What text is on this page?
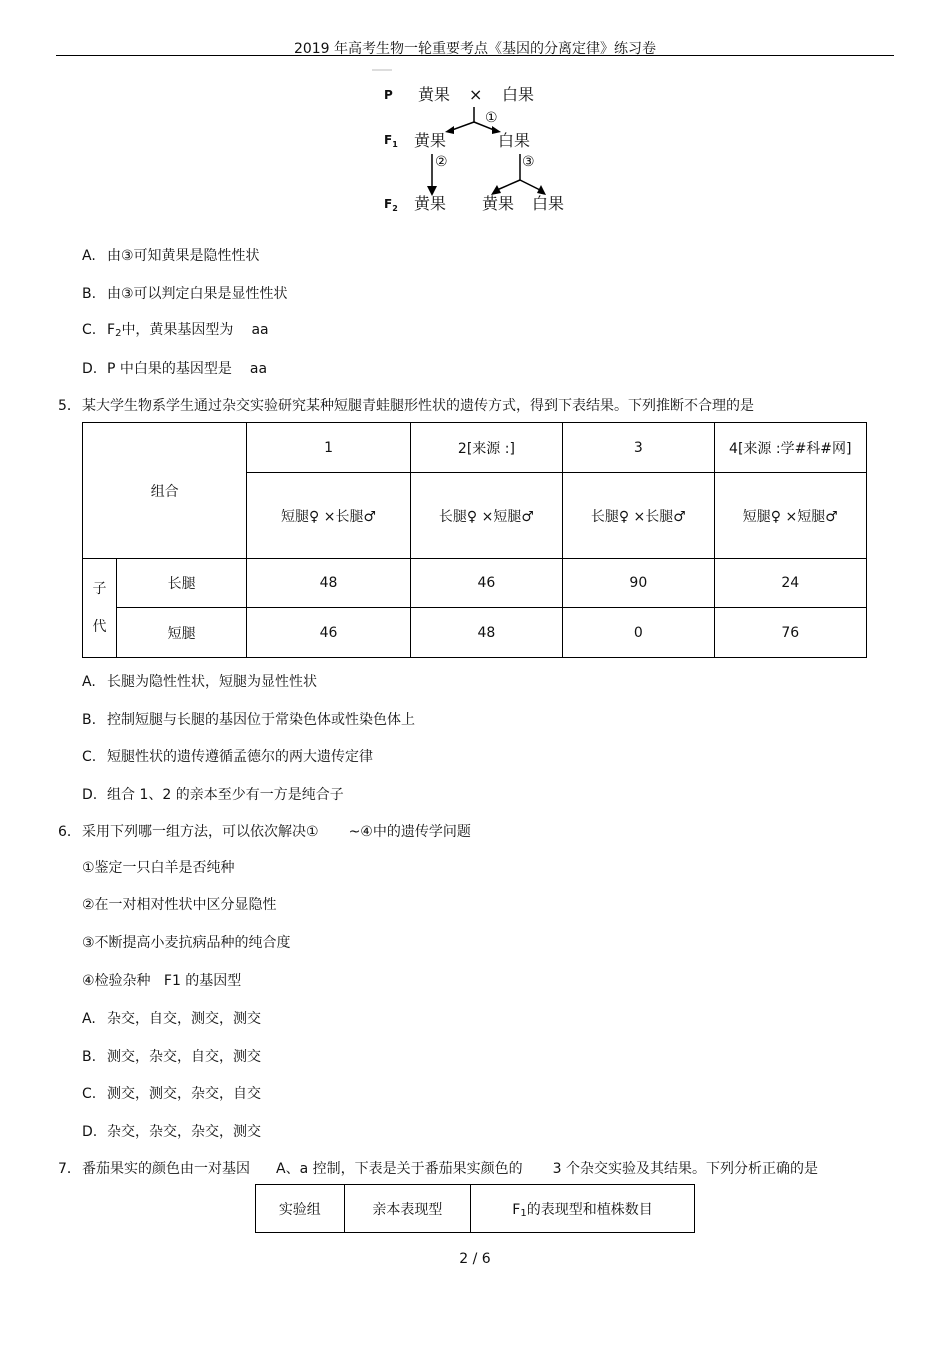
2019 年高考生物一轮重要考点《基因的分离定律》练习卷
P
$F_1$
$F_2$
黄果 × 白果
①
黄果	白果
②	③
黄果 黄果 白果
A. 由③可知黄果是隐性性状
B. 由③可以判定白果是显性性状
C. $F_2$中，黄果基因型为 aa
D. P 中白果的基因型是 aa
5．某大学生物系学生通过杂交实验研究某种短腿青蛙腿形性状的遗传方式，得到下表结果。下列推断不合理的是
组合		1	2[来源 :]	3	4[来源 :学#科#网]
		短腿♀ ×长腿♂	长腿♀ ×短腿♂	长腿♀ ×长腿♂	短腿♀ ×短腿♂
子
代	长腿	48	46	90	24
	短腿	46	48	0	76
A. 长腿为隐性性状，短腿为显性性状
B. 控制短腿与长腿的基因位于常染色体或性染色体上
C. 短腿性状的遗传遵循孟德尔的两大遗传定律
D. 组合 1、2 的亲本至少有一方是纯合子
6．采用下列哪一组方法，可以依次解决① ~④中的遗传学问题
①鉴定一只白羊是否纯种
②在一对相对性状中区分显隐性
③不断提高小麦抗病品种的纯合度
④检验杂种   F1 的基因型
A. 杂交，自交，测交，测交
B. 测交，杂交，自交，测交
C. 测交，测交，杂交，自交
D. 杂交，杂交，杂交，测交
7．番茄果实的颜色由一对基因 A、a 控制，下表是关于番茄果实颜色的 3 个杂交实验及其结果。下列分析正确的是
实验组	亲本表现型	$F_1$的表现型和植株数目
2 / 6
